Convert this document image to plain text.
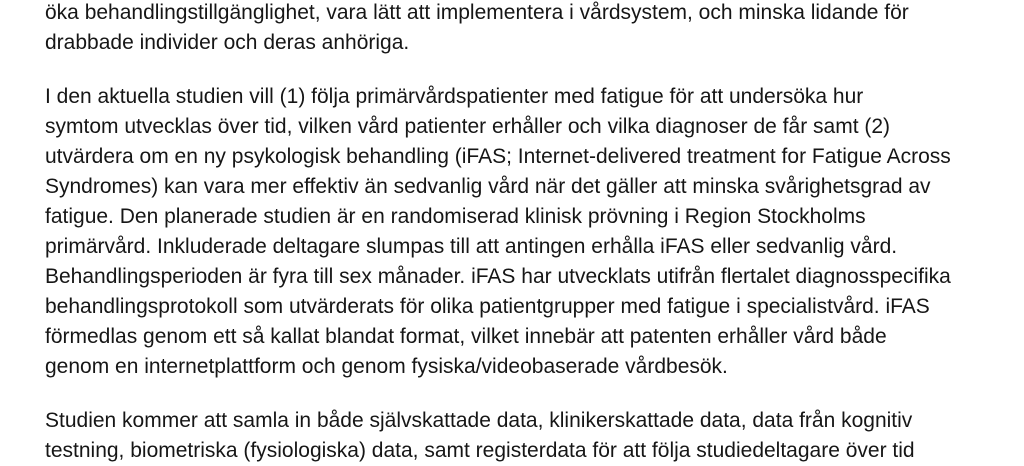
öka behandlingstillgänglighet, vara lätt att implementera i vårdsystem, och minska lidande för
drabbade individer och deras anhöriga.
I den aktuella studien vill (1) följa primärvårdspatienter med fatigue för att undersöka hur
symtom utvecklas över tid, vilken vård patienter erhåller och vilka diagnoser de får samt (2)
utvärdera om en ny psykologisk behandling (iFAS; Internet-delivered treatment for Fatigue Across
Syndromes) kan vara mer effektiv än sedvanlig vård när det gäller att minska svårighetsgrad av
fatigue. Den planerade studien är en randomiserad klinisk prövning i Region Stockholms
primärvård. Inkluderade deltagare slumpas till att antingen erhålla iFAS eller sedvanlig vård.
Behandlingsperioden är fyra till sex månader. iFAS har utvecklats utifrån flertalet diagnosspecifika
behandlingsprotokoll som utvärderats för olika patientgrupper med fatigue i specialistvård. iFAS
förmedlas genom ett så kallat blandat format, vilket innebär att patenten erhåller vård både
genom en internetplattform och genom fysiska/videobaserade vårdbesök.
Studien kommer att samla in både självskattade data, klinikerskattade data, data från kognitiv
testning, biometriska (fysiologiska) data, samt registerdata för att följa studiedeltagare över tid
